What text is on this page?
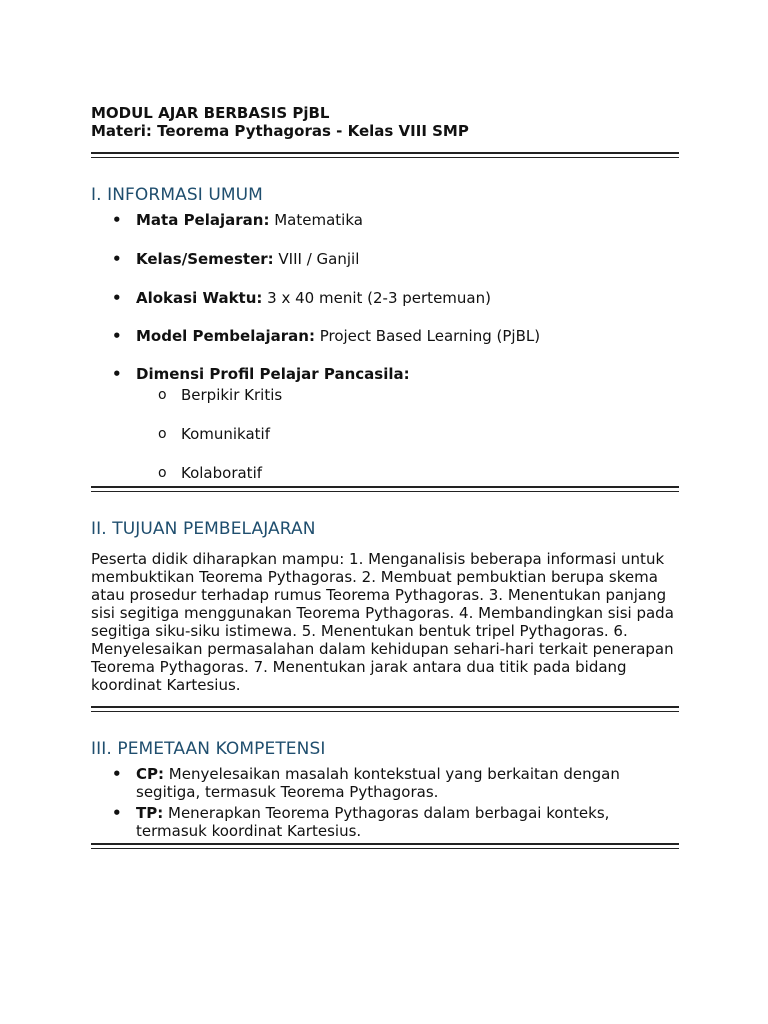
MODUL AJAR BERBASIS PjBL

Materi: Teorema Pythagoras - Kelas VIII SMP

I. INFORMASI UMUM
• Mata Pelajaran: Matematika
• Kelas/Semester: VIII / Ganjil
• Alokasi Waktu: 3 x 40 menit (2-3 pertemuan)
• Model Pembelajaran: Project Based Learning (PjBL)
• Dimensi Profil Pelajar Pancasila:
o Berpikir Kritis
o Komunikatif
o Kolaboratif
II. TUJUAN PEMBELAJARAN

Peserta didik diharapkan mampu: 1. Menganalisis beberapa informasi untuk membuktikan Teorema Pythagoras. 2. Membuat pembuktian berupa skema atau prosedur terhadap rumus Teorema Pythagoras. 3. Menentukan panjang sisi segitiga menggunakan Teorema Pythagoras. 4. Membandingkan sisi pada segitiga siku-siku istimewa. 5. Menentukan bentuk tripel Pythagoras. 6. Menyelesaikan permasalahan dalam kehidupan sehari-hari terkait penerapan Teorema Pythagoras. 7. Menentukan jarak antara dua titik pada bidang koordinat Kartesius.

III. PEMETAAN KOMPETENSI
• CP: Menyelesaikan masalah kontekstual yang berkaitan dengan segitiga, termasuk Teorema Pythagoras.
• TP: Menerapkan Teorema Pythagoras dalam berbagai konteks, termasuk koordinat Kartesius.
